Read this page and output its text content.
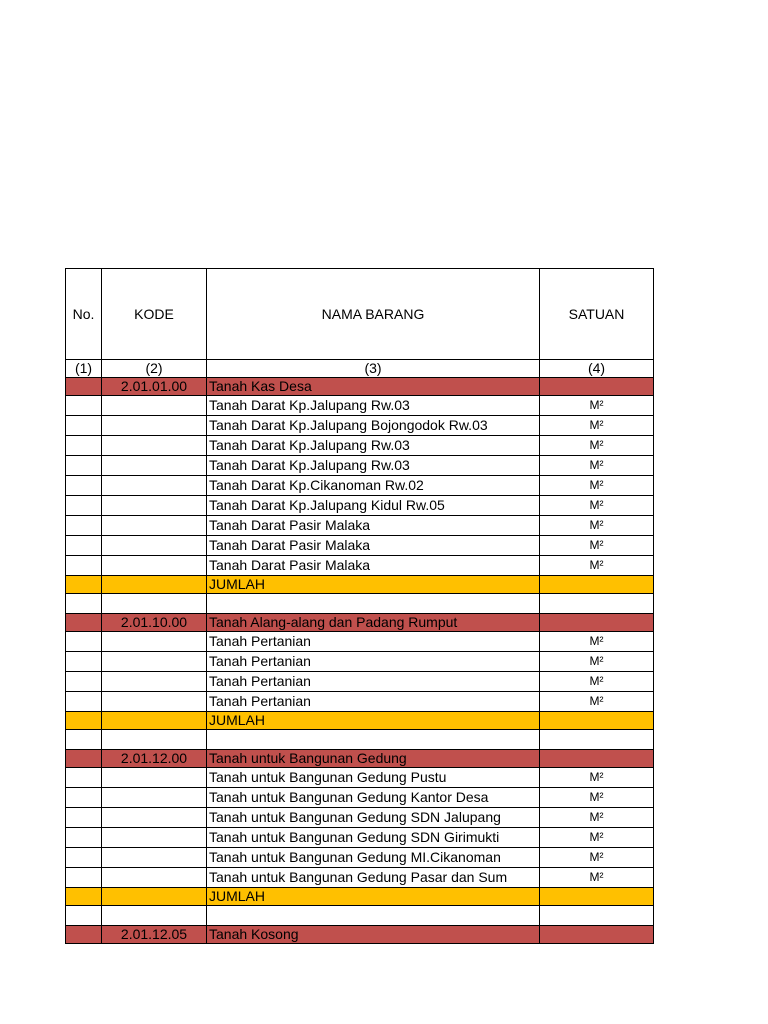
No.	KODE	NAMA BARANG	SATUAN
(1)	(2)	(3)	(4)
	2.01.01.00	Tanah Kas Desa	
		Tanah Darat Kp.Jalupang Rw.03	M²
		Tanah Darat Kp.Jalupang Bojongodok Rw.03	M²
		Tanah Darat Kp.Jalupang Rw.03	M²
		Tanah Darat Kp.Jalupang Rw.03	M²
		Tanah Darat Kp.Cikanoman Rw.02	M²
		Tanah Darat Kp.Jalupang Kidul Rw.05	M²
		Tanah Darat Pasir Malaka	M²
		Tanah Darat Pasir Malaka	M²
		Tanah Darat Pasir Malaka	M²
		JUMLAH	

	2.01.10.00	Tanah Alang-alang dan Padang Rumput	
		Tanah Pertanian	M²
		Tanah Pertanian	M²
		Tanah Pertanian	M²
		Tanah Pertanian	M²
		JUMLAH	

	2.01.12.00	Tanah untuk Bangunan Gedung	
		Tanah untuk Bangunan Gedung Pustu	M²
		Tanah untuk Bangunan Gedung Kantor Desa	M²
		Tanah untuk Bangunan Gedung SDN Jalupang	M²
		Tanah untuk Bangunan Gedung SDN Girimukti	M²
		Tanah untuk Bangunan Gedung MI.Cikanoman	M²
		Tanah untuk Bangunan Gedung Pasar dan Sum	M²
		JUMLAH	

	2.01.12.05	Tanah Kosong	
